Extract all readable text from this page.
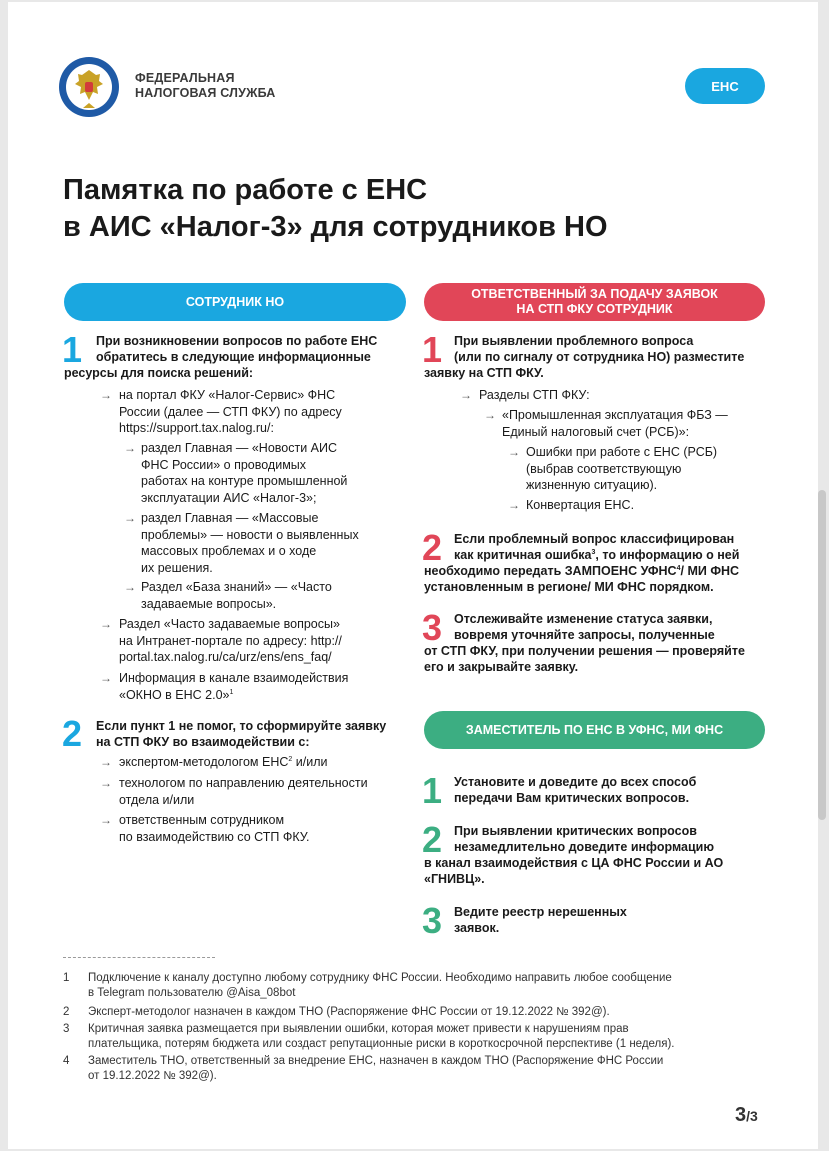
ФЕДЕРАЛЬНАЯ
НАЛОГОВАЯ СЛУЖБА	ЕНС
Памятка по работе с ЕНС
в АИС «Налог-3» для сотрудников НО
СОТРУДНИК НО
1 При возникновении вопросов по работе ЕНС
обратитесь в следующие информационные
ресурсы для поиска решений:
→ на портал ФКУ «Налог-Сервис» ФНС
России (далее — СТП ФКУ) по адресу
https://support.tax.nalog.ru/:
→ раздел Главная — «Новости АИС
ФНС России» о проводимых
работах на контуре промышленной
эксплуатации АИС «Налог-3»;
→ раздел Главная — «Массовые
проблемы» — новости о выявленных
массовых проблемах и о ходе
их решения.
→ Раздел «База знаний» — «Часто
задаваемые вопросы».
→ Раздел «Часто задаваемые вопросы»
на Интранет-портале по адресу: http://
portal.tax.nalog.ru/ca/urz/ens/ens_faq/
→ Информация в канале взаимодействия
«ОКНО в ЕНС 2.0»$^1$
2 Если пункт 1 не помог, то сформируйте заявку
на СТП ФКУ во взаимодействии с:
→ экспертом-методологом ЕНС$^2$ и/или
→ технологом по направлению деятельности
отдела и/или
→ ответственным сотрудником
по взаимодействию со СТП ФКУ.
ОТВЕТСТВЕННЫЙ ЗА ПОДАЧУ ЗАЯВОК
НА СТП ФКУ СОТРУДНИК
1 При выявлении проблемного вопроса
(или по сигналу от сотрудника НО) разместите
заявку на СТП ФКУ.
→ Разделы СТП ФКУ:
→ «Промышленная эксплуатация ФБЗ —
Единый налоговый счет (РСБ)»:
→ Ошибки при работе с ЕНС (РСБ)
(выбрав соответствующую
жизненную ситуацию).
→ Конвертация ЕНС.
2 Если проблемный вопрос классифицирован
как критичная ошибка$^3$, то информацию о ней
необходимо передать ЗАМПОЕНС УФНС$^4$/ МИ ФНС
установленным в регионе/ МИ ФНС порядком.
3 Отслеживайте изменение статуса заявки,
вовремя уточняйте запросы, полученные
от СТП ФКУ, при получении решения — проверяйте
его и закрывайте заявку.
ЗАМЕСТИТЕЛЬ ПО ЕНС В УФНС, МИ ФНС
1 Установите и доведите до всех способ
передачи Вам критических вопросов.
2 При выявлении критических вопросов
незамедлительно доведите информацию
в канал взаимодействия с ЦА ФНС России и АО
«ГНИВЦ».
3 Ведите реестр нерешенных
заявок.
1	Подключение к каналу доступно любому сотруднику ФНС России. Необходимо направить любое сообщение
в Telegram пользователю @Aisa_08bot
2	Эксперт-методолог назначен в каждом ТНО (Распоряжение ФНС России от 19.12.2022 № 392@).
3	Критичная заявка размещается при выявлении ошибки, которая может привести к нарушениям прав
плательщика, потерям бюджета или создаст репутационные риски в короткосрочной перспективе (1 неделя).
4	Заместитель ТНО, ответственный за внедрение ЕНС, назначен в каждом ТНО (Распоряжение ФНС России
от 19.12.2022 № 392@).
3/3
